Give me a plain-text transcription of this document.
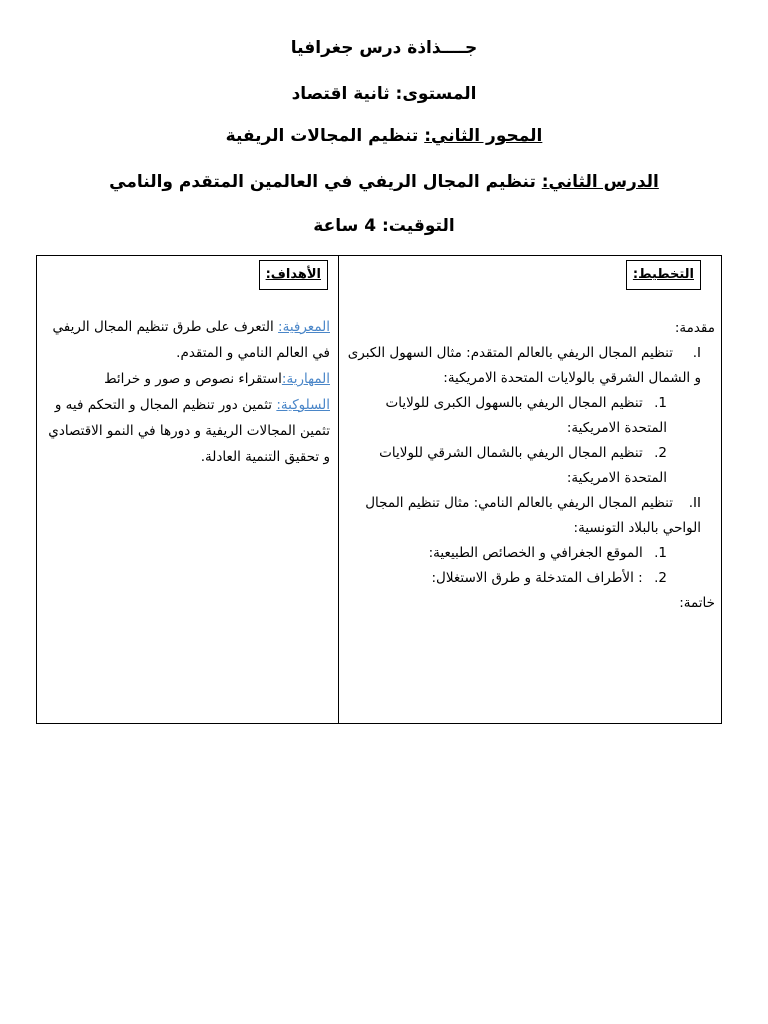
جــــذاذة درس جغرافيا
المستوى: ثانية اقتصاد
المحور الثاني: تنظيم المجالات الريفية
الدرس الثاني: تنظيم المجال الريفي في العالمين المتقدم والنامي
التوقيت: 4 ساعة
التخطيط:

مقدمة:

I.تنظيم المجال الريفي بالعالم المتقدم: مثال السهول الكبرى و الشمال الشرقي بالولايات المتحدة الامريكية:

1. تنظيم المجال الريفي بالسهول الكبرى للولايات المتحدة الامريكية:

2. تنظيم المجال الريفي بالشمال الشرقي للولايات المتحدة الامريكية:

II.تنظيم المجال الريفي بالعالم النامي: مثال تنظيم المجال الواحي بالبلاد التونسية:

1. الموقع الجغرافي و الخصائص الطبيعية:

2. : الأطراف المتدخلة و طرق الاستغلال:

خاتمة:

الأهداف:

المعرفية: التعرف على طرق تنظيم المجال الريفي في العالم النامي و المتقدم.

المهارية:استقراء نصوص و صور و خرائط

السلوكية: تثمين دور تنظيم المجال و التحكم فيه و تثمين المجالات الريفية و دورها في النمو الاقتصادي و تحقيق التنمية العادلة.
